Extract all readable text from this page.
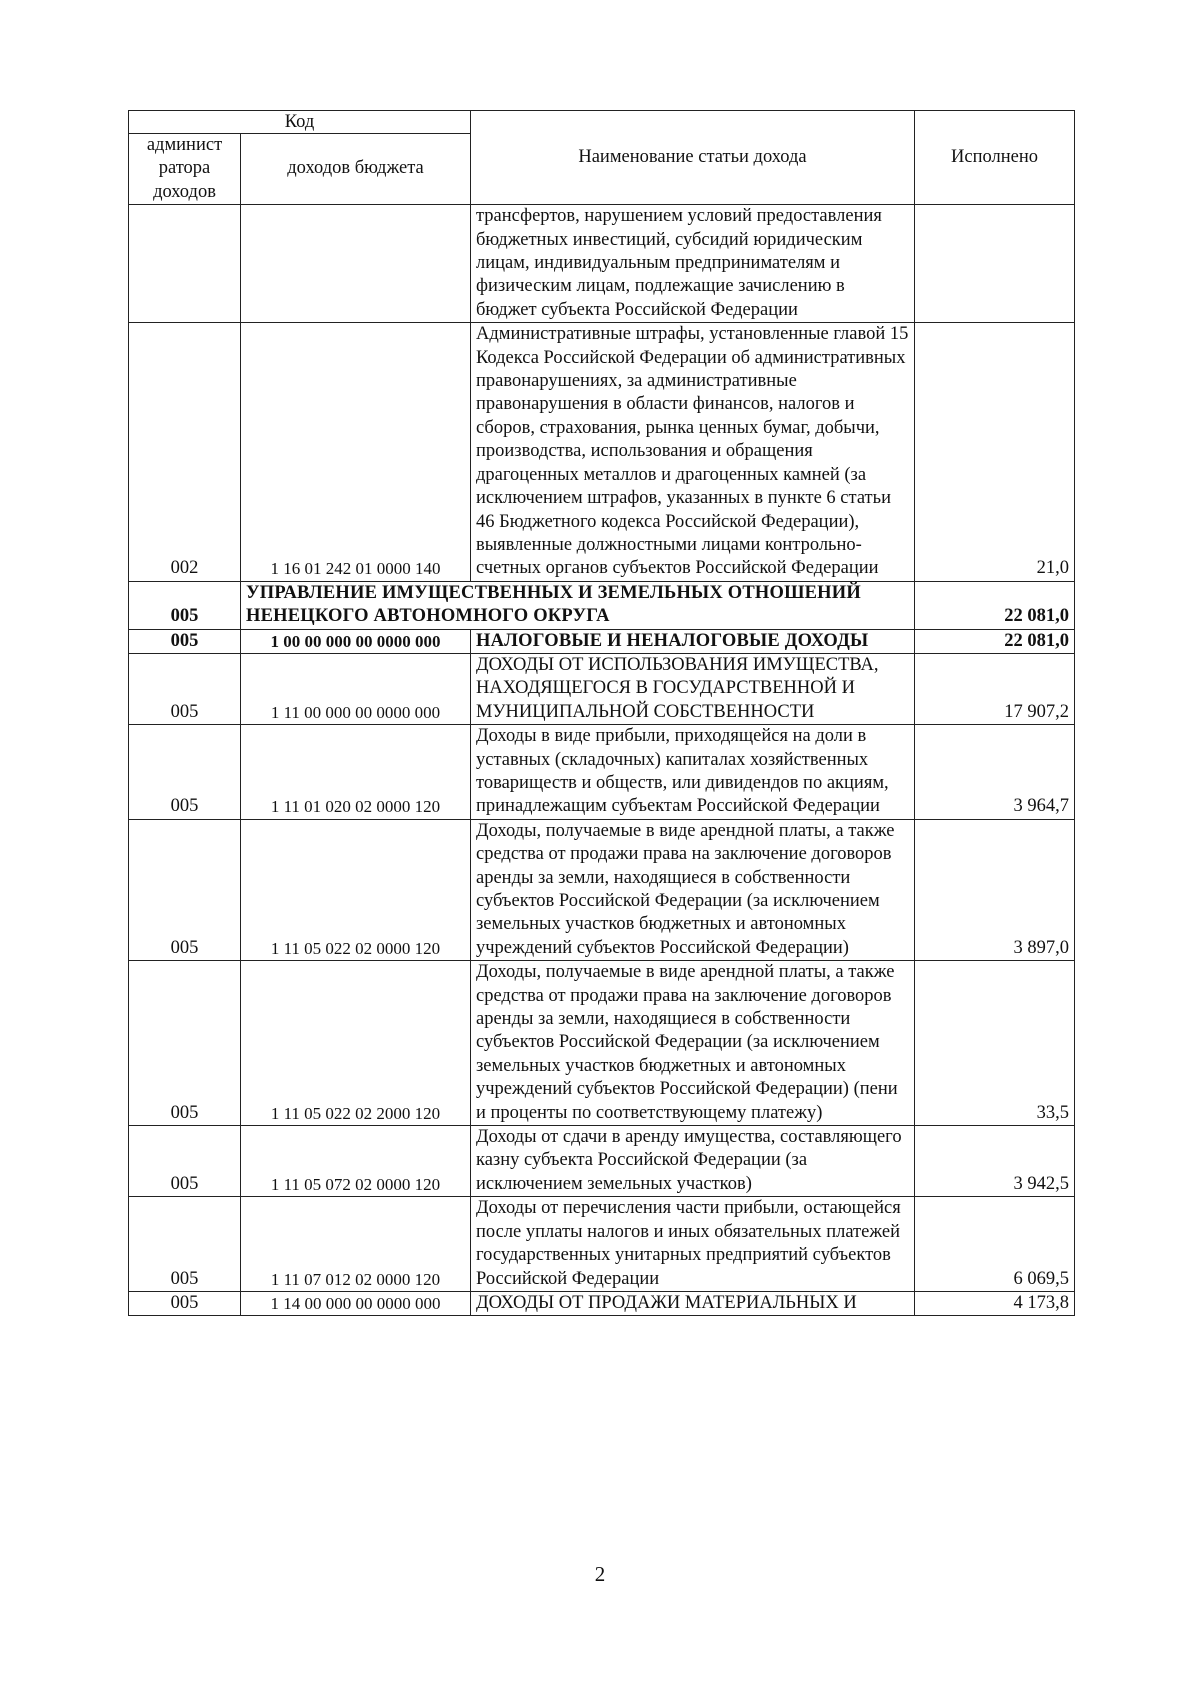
Код		Наименование статьи дохода	Исполнено
админист ратора доходов	доходов бюджета		
		трансфертов, нарушением условий предоставления бюджетных инвестиций, субсидий юридическим лицам, индивидуальным предпринимателям и физическим лицам, подлежащие зачислению в бюджет субъекта Российской Федерации	
002	1 16 01 242 01 0000 140	Административные штрафы, установленные главой 15 Кодекса Российской Федерации об административных правонарушениях, за административные правонарушения в области финансов, налогов и сборов, страхования, рынка ценных бумаг, добычи, производства, использования и обращения драгоценных металлов и драгоценных камней (за исключением штрафов, указанных в пункте 6 статьи 46 Бюджетного кодекса Российской Федерации), выявленные должностными лицами контрольно-счетных органов субъектов Российской Федерации	21,0
005	УПРАВЛЕНИЕ ИМУЩЕСТВЕННЫХ И ЗЕМЕЛЬНЫХ ОТНОШЕНИЙ НЕНЕЦКОГО АВТОНОМНОГО ОКРУГА		22 081,0
005	1 00 00 000 00 0000 000	НАЛОГОВЫЕ И НЕНАЛОГОВЫЕ ДОХОДЫ	22 081,0
005	1 11 00 000 00 0000 000	ДОХОДЫ ОТ ИСПОЛЬЗОВАНИЯ ИМУЩЕСТВА, НАХОДЯЩЕГОСЯ В ГОСУДАРСТВЕННОЙ И МУНИЦИПАЛЬНОЙ СОБСТВЕННОСТИ	17 907,2
005	1 11 01 020 02 0000 120	Доходы в виде прибыли, приходящейся на доли в уставных (складочных) капиталах хозяйственных товариществ и обществ, или дивидендов по акциям, принадлежащим субъектам Российской Федерации	3 964,7
005	1 11 05 022 02 0000 120	Доходы, получаемые в виде арендной платы, а также средства от продажи права на заключение договоров аренды за земли, находящиеся в собственности субъектов Российской Федерации (за исключением земельных участков бюджетных и автономных учреждений субъектов Российской Федерации)	3 897,0
005	1 11 05 022 02 2000 120	Доходы, получаемые в виде арендной платы, а также средства от продажи права на заключение договоров аренды за земли, находящиеся в собственности субъектов Российской Федерации (за исключением земельных участков бюджетных и автономных учреждений субъектов Российской Федерации) (пени и проценты по соответствующему платежу)	33,5
005	1 11 05 072 02 0000 120	Доходы от сдачи в аренду имущества, составляющего казну субъекта Российской Федерации (за исключением земельных участков)	3 942,5
005	1 11 07 012 02 0000 120	Доходы от перечисления части прибыли, остающейся после уплаты налогов и иных обязательных платежей государственных унитарных предприятий субъектов Российской Федерации	6 069,5
005	1 14 00 000 00 0000 000	ДОХОДЫ ОТ ПРОДАЖИ МАТЕРИАЛЬНЫХ И	4 173,8
2
